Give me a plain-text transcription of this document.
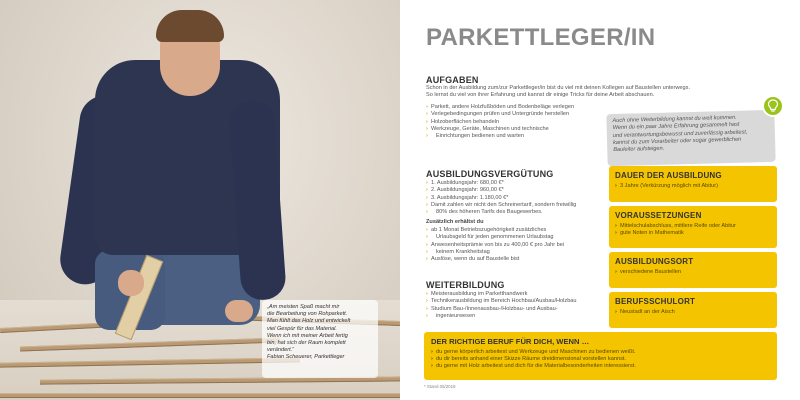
„Am meisten Spaß macht mir
die Bearbeitung von Rohparkett.
Man fühlt das Holz und entwickelt
viel Gespür für das Material.
Wenn ich mit meiner Arbeit fertig
bin, hat sich der Raum komplett
verändert.“
Fabian Scheuerer, Parkettleger
PARKETTLEGER/IN
AUFGABEN
Schon in der Ausbildung zum/zur Parkettleger/in bist du viel mit deinen Kollegen auf Baustellen unterwegs.
So lernst du viel von ihrer Erfahrung und kannst dir einige Tricks für deine Arbeit abschauen.
› Parkett, andere Holzfußböden und Bodenbeläge verlegen
› Verlegebedingungen prüfen und Untergründe herstellen
› Holzoberflächen behandeln
› Werkzeuge, Geräte, Maschinen und technische
› Einrichtungen bedienen und warten
Auch ohne Weiterbildung kannst du weit kommen.
Wenn du ein paar Jahre Erfahrung gesammelt hast
und verantwortungsbewusst und zuverlässig arbeitest,
kannst du zum Vorarbeiter oder sogar gewerblichen
Bauleiter aufsteigen.
AUSBILDUNGSVERGÜTUNG
› 1. Ausbildungsjahr: 680,00 €*
› 2. Ausbildungsjahr: 960,00 €*
› 3. Ausbildungsjahr: 1.180,00 €*
› Damit zahlen wir nicht den Schreinertarif, sondern freiwillig
› 80% des höheren Tarifs des Baugewerbes.
Zusätzlich erhältst du
› ab 1 Monat Betriebszugehörigkeit zusätzliches
› Urlaubsgeld für jeden genommenen Urlaubstag
› Anwesenheitsprämie von bis zu 400,00 € pro Jahr bei
› keinem Krankheitstag
› Auslöse, wenn du auf Baustelle bist
WEITERBILDUNG
› Meisterausbildung im Parketthandwerk
› Technikerausbildung im Bereich Hochbau/Ausbau/Holzbau
› Studium Bau-/Innenausbau-/Holzbau- und Ausbau-
› ingenieurwesen
DAUER DER AUSBILDUNG
› 3 Jahre (Verkürzung möglich mit Abitur)
VORAUSSETZUNGEN
› Mittelschulabschluss, mittlere Reife oder Abitur
› gute Noten in Mathematik
AUSBILDUNGSORT
› verschiedene Baustellen
BERUFSSCHULORT
› Neustadt an der Aisch
DER RICHTIGE BERUF FÜR DICH, WENN …
› du gerne körperlich arbeitest und Werkzeuge und Maschinen zu bedienen weißt.
› du dir bereits anhand einer Skizze Räume dreidimensional vorstellen kannst.
› du gerne mit Holz arbeitest und dich für die Materialbesonderheiten interessierst.
* Stand 05/2019
